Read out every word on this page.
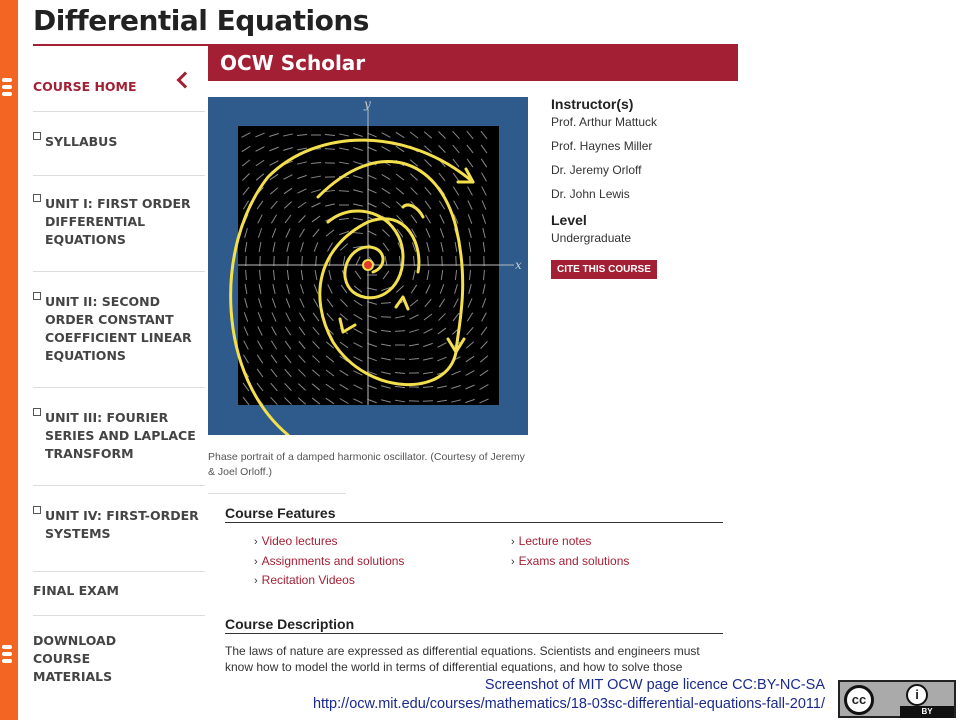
Differential Equations
COURSE HOME
SYLLABUS
UNIT I: FIRST ORDER DIFFERENTIAL EQUATIONS
UNIT II: SECOND ORDER CONSTANT COEFFICIENT LINEAR EQUATIONS
UNIT III: FOURIER SERIES AND LAPLACE TRANSFORM
UNIT IV: FIRST-ORDER SYSTEMS
FINAL EXAM
DOWNLOAD COURSE MATERIALS
OCW Scholar
x
y
Phase portrait of a damped harmonic oscillator. (Courtesy of Jeremy & Joel Orloff.)
Instructor(s)
Prof. Arthur Mattuck
Prof. Haynes Miller
Dr. Jeremy Orloff
Dr. John Lewis
Level
Undergraduate
CITE THIS COURSE
Course Features
› Video lectures	› Lecture notes
› Assignments and solutions	› Exams and solutions
› Recitation Videos
Course Description
The laws of nature are expressed as differential equations. Scientists and engineers must know how to model the world in terms of differential equations, and how to solve those
Screenshot of MIT OCW page licence CC:BY-NC-SA
http://ocw.mit.edu/courses/mathematics/18-03sc-differential-equations-fall-2011/	cc	i
BY
